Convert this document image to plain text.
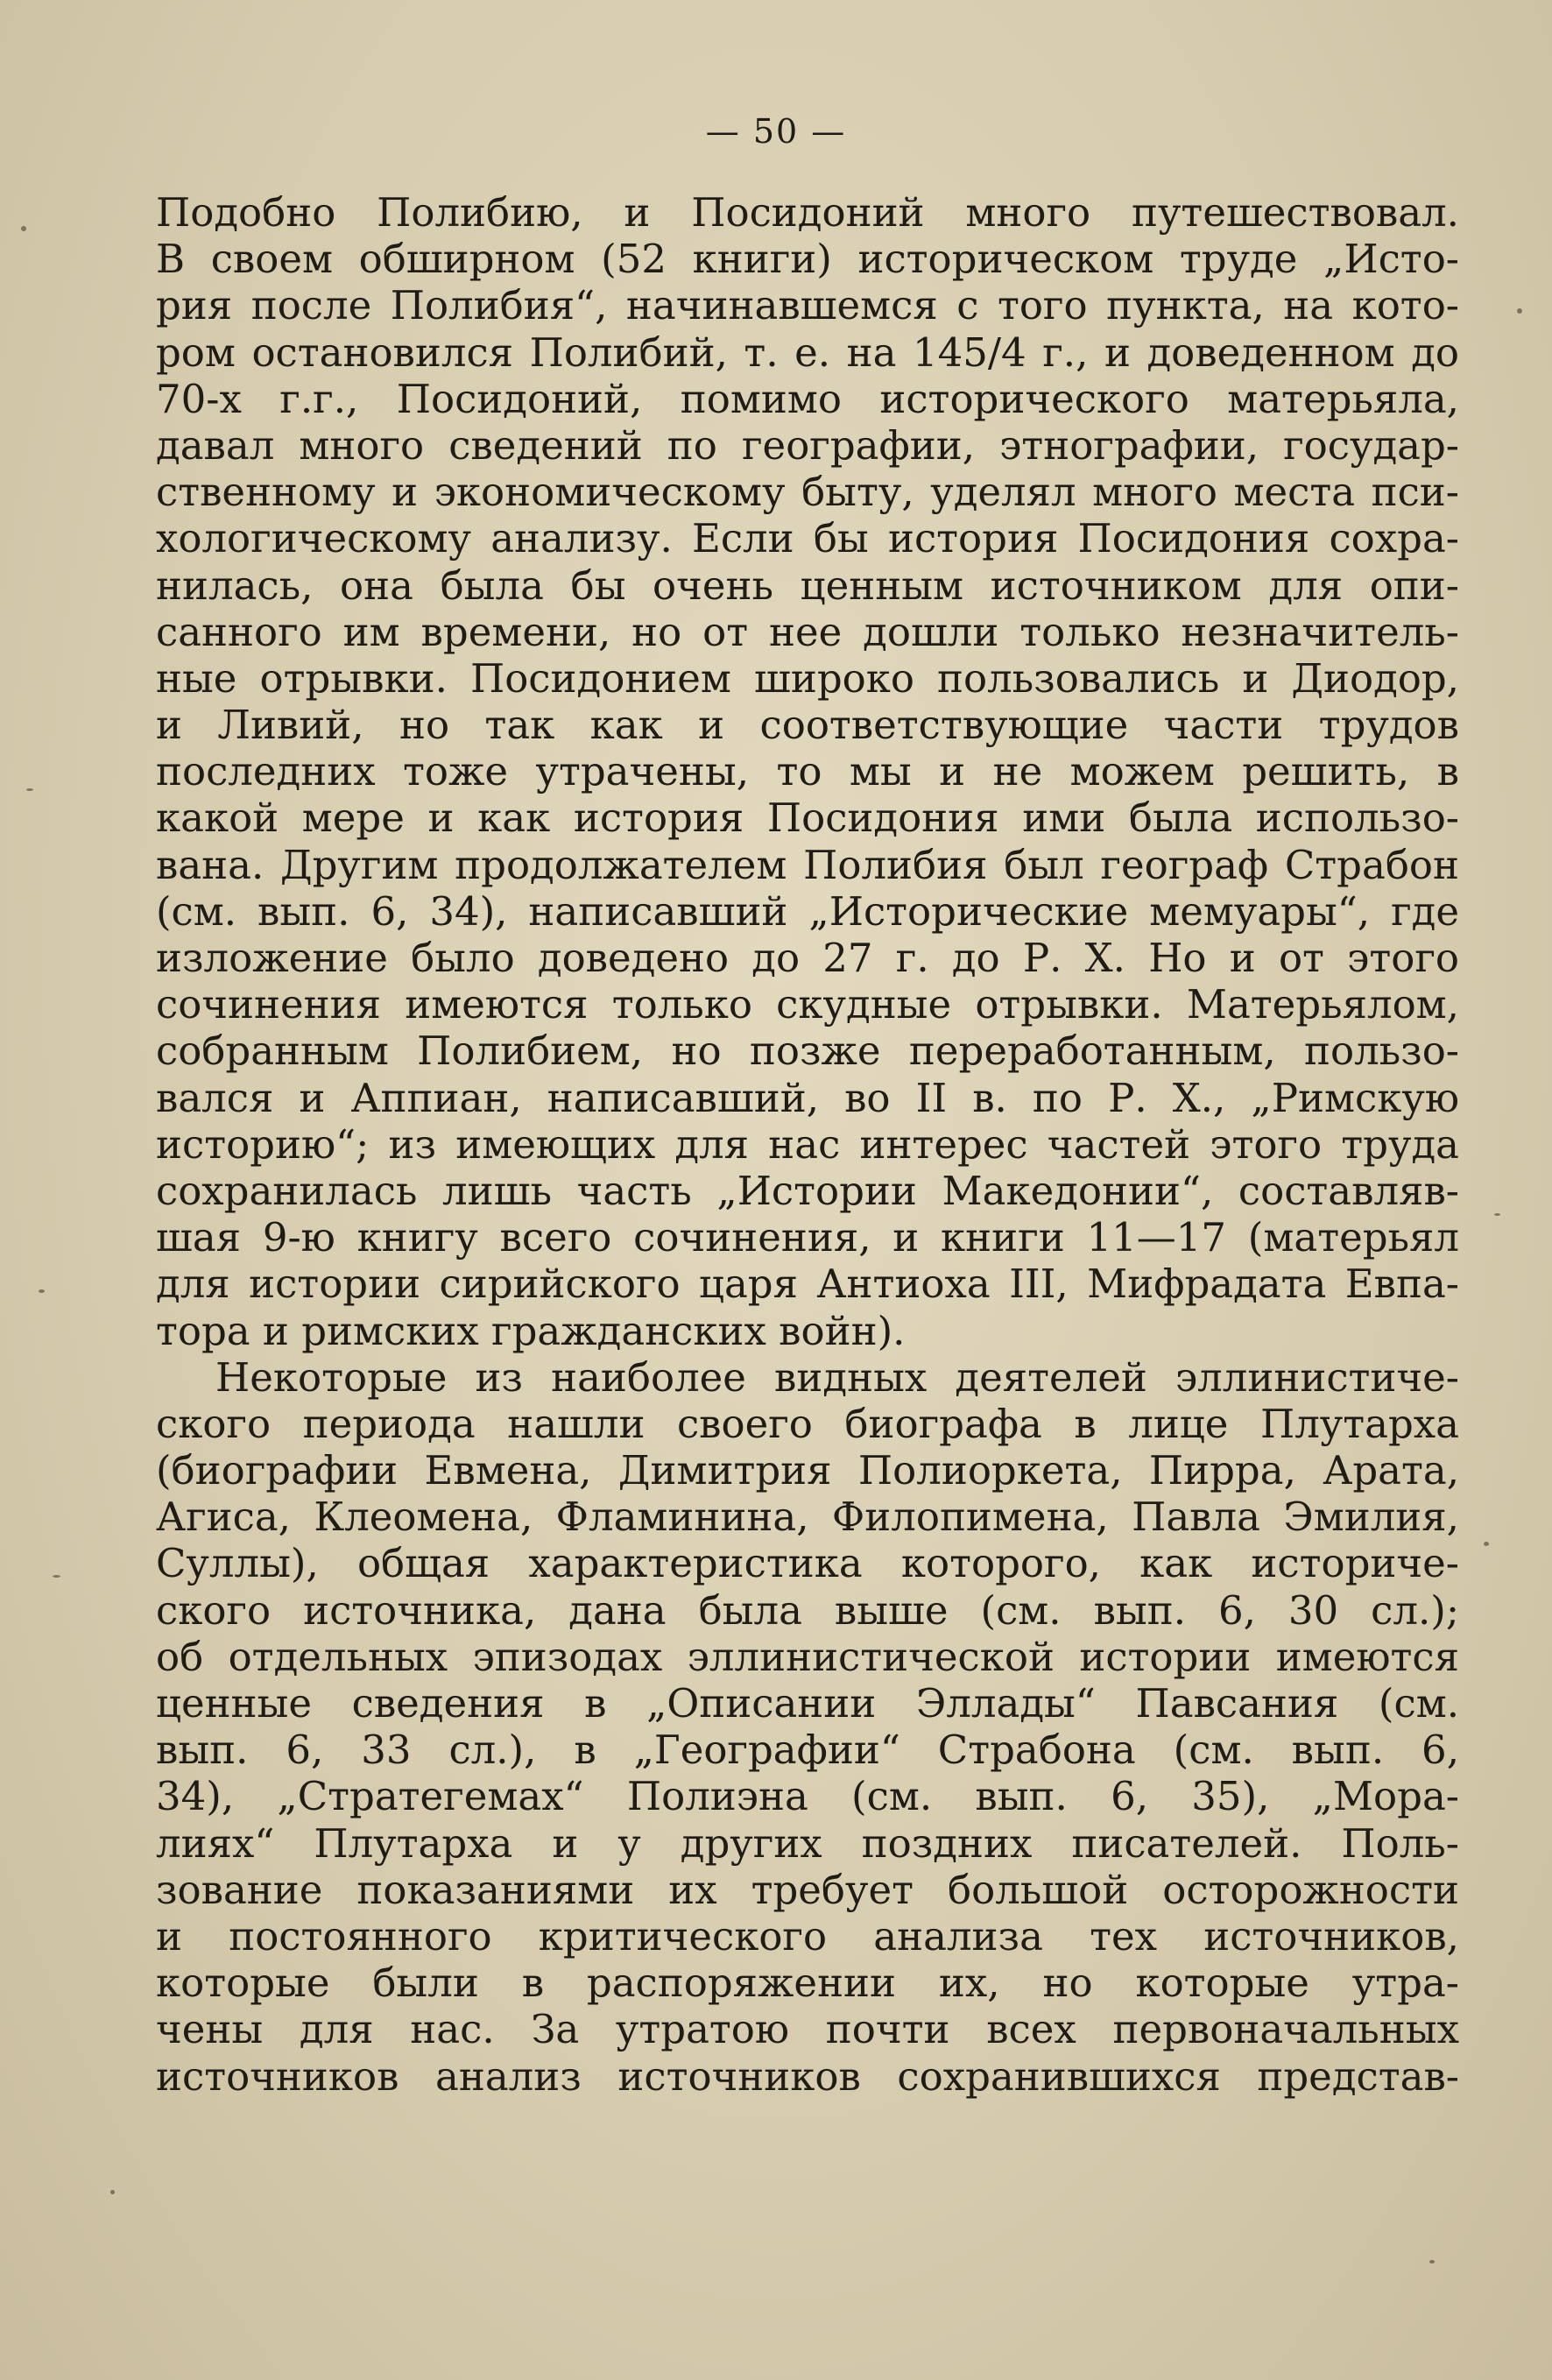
— 50 —
Подобно Полибию, и Посидоний много путешествовал.
В своем обширном (52 книги) историческом труде „Исто-
рия после Полибия“, начинавшемся с того пункта, на кото-
ром остановился Полибий, т. е. на 145/4 г., и доведенном до
70-х г.г., Посидоний, помимо исторического матерьяла,
давал много сведений по географии, этнографии, государ-
ственному и экономическому быту, уделял много места пси-
хологическому анализу. Если бы история Посидония сохра-
нилась, она была бы очень ценным источником для опи-
санного им времени, но от нее дошли только незначитель-
ные отрывки. Посидонием широко пользовались и Диодор,
и Ливий, но так как и соответствующие части трудов
последних тоже утрачены, то мы и не можем решить, в
какой мере и как история Посидония ими была использо-
вана. Другим продолжателем Полибия был географ Страбон
(см. вып. 6, 34), написавший „Исторические мемуары“, где
изложение было доведено до 27 г. до Р. Х. Но и от этого
сочинения имеются только скудные отрывки. Матерьялом,
собранным Полибием, но позже переработанным, пользо-
вался и Аппиан, написавший, во II в. по Р. Х., „Римскую
историю“; из имеющих для нас интерес частей этого труда
сохранилась лишь часть „Истории Македонии“, составляв-
шая 9-ю книгу всего сочинения, и книги 11—17 (матерьял
для истории сирийского царя Антиоха III, Мифрадата Евпа-
тора и римских гражданских войн).
Некоторые из наиболее видных деятелей эллинистиче-
ского периода нашли своего биографа в лице Плутарха
(биографии Евмена, Димитрия Полиоркета, Пирра, Арата,
Агиса, Клеомена, Фламинина, Филопимена, Павла Эмилия,
Суллы), общая характеристика которого, как историче-
ского источника, дана была выше (см. вып. 6, 30 сл.);
об отдельных эпизодах эллинистической истории имеются
ценные сведения в „Описании Эллады“ Павсания (см.
вып. 6, 33 сл.), в „Географии“ Страбона (см. вып. 6,
34), „Стратегемах“ Полиэна (см. вып. 6, 35), „Мора-
лиях“ Плутарха и у других поздних писателей. Поль-
зование показаниями их требует большой осторожности
и постоянного критического анализа тех источников,
которые были в распоряжении их, но которые утра-
чены для нас. За утратою почти всех первоначальных
источников анализ источников сохранившихся представ-
